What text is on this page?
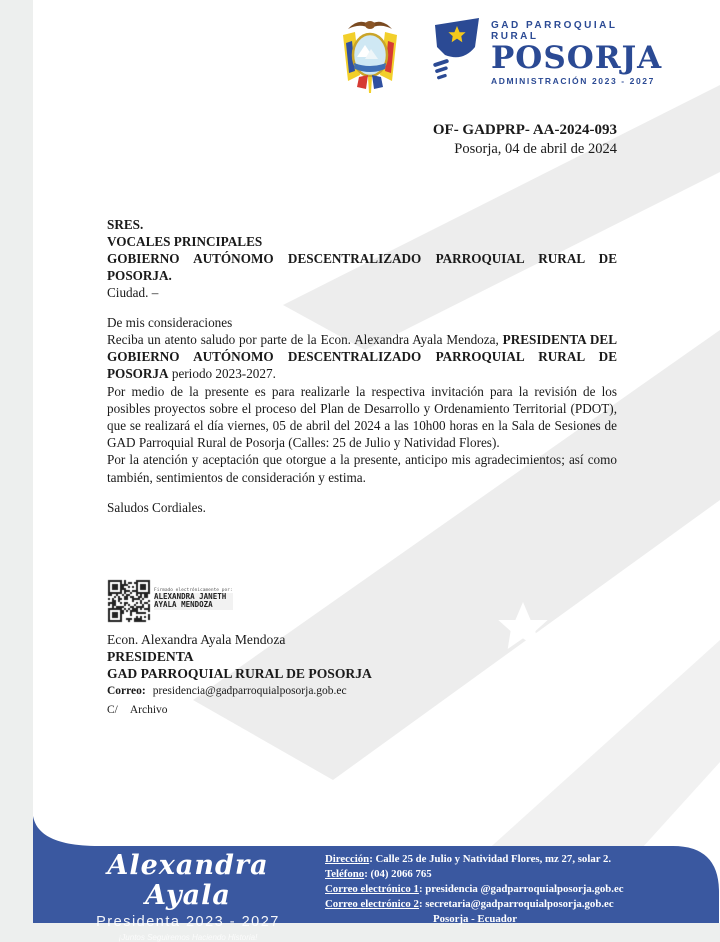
GAD PARROQUIAL RURAL
POSORJA
ADMINISTRACIÓN 2023 - 2027
OF- GADPRP- AA-2024-093
Posorja, 04 de abril de 2024
SRES.
VOCALES PRINCIPALES
GOBIERNO AUTÓNOMO DESCENTRALIZADO PARROQUIAL RURAL DE
POSORJA.
Ciudad. –
De mis consideraciones

Reciba un atento saludo por parte de la Econ. Alexandra Ayala Mendoza, PRESIDENTA DEL GOBIERNO AUTÓNOMO DESCENTRALIZADO PARROQUIAL RURAL DE POSORJA periodo 2023-2027.

Por medio de la presente es para realizarle la respectiva invitación para la revisión de los posibles proyectos sobre el proceso del Plan de Desarrollo y Ordenamiento Territorial (PDOT), que se realizará el día viernes, 05 de abril del 2024 a las 10h00 horas en la Sala de Sesiones de GAD Parroquial Rural de Posorja (Calles: 25 de Julio y Natividad Flores).

Por la atención y aceptación que otorgue a la presente, anticipo mis agradecimientos; así como también, sentimientos de consideración y estima.

Saludos Cordiales.
Firmado electrónicamente por:
ALEXANDRA JANETH
AYALA MENDOZA
Econ. Alexandra Ayala Mendoza
PRESIDENTA
GAD PARROQUIAL RURAL DE POSORJA
Correo: presidencia@gadparroquialposorja.gob.ec
C/ Archivo
Alexandra Ayala
Presidenta 2023 - 2027
¡Juntos Seguiremos Haciendo Historia!
Dirección: Calle 25 de Julio y Natividad Flores, mz 27, solar 2.
Teléfono: (04) 2066 765
Correo electrónico 1: presidencia @gadparroquialposorja.gob.ec
Correo electrónico 2: secretaria@gadparroquialposorja.gob.ec
Posorja - Ecuador
